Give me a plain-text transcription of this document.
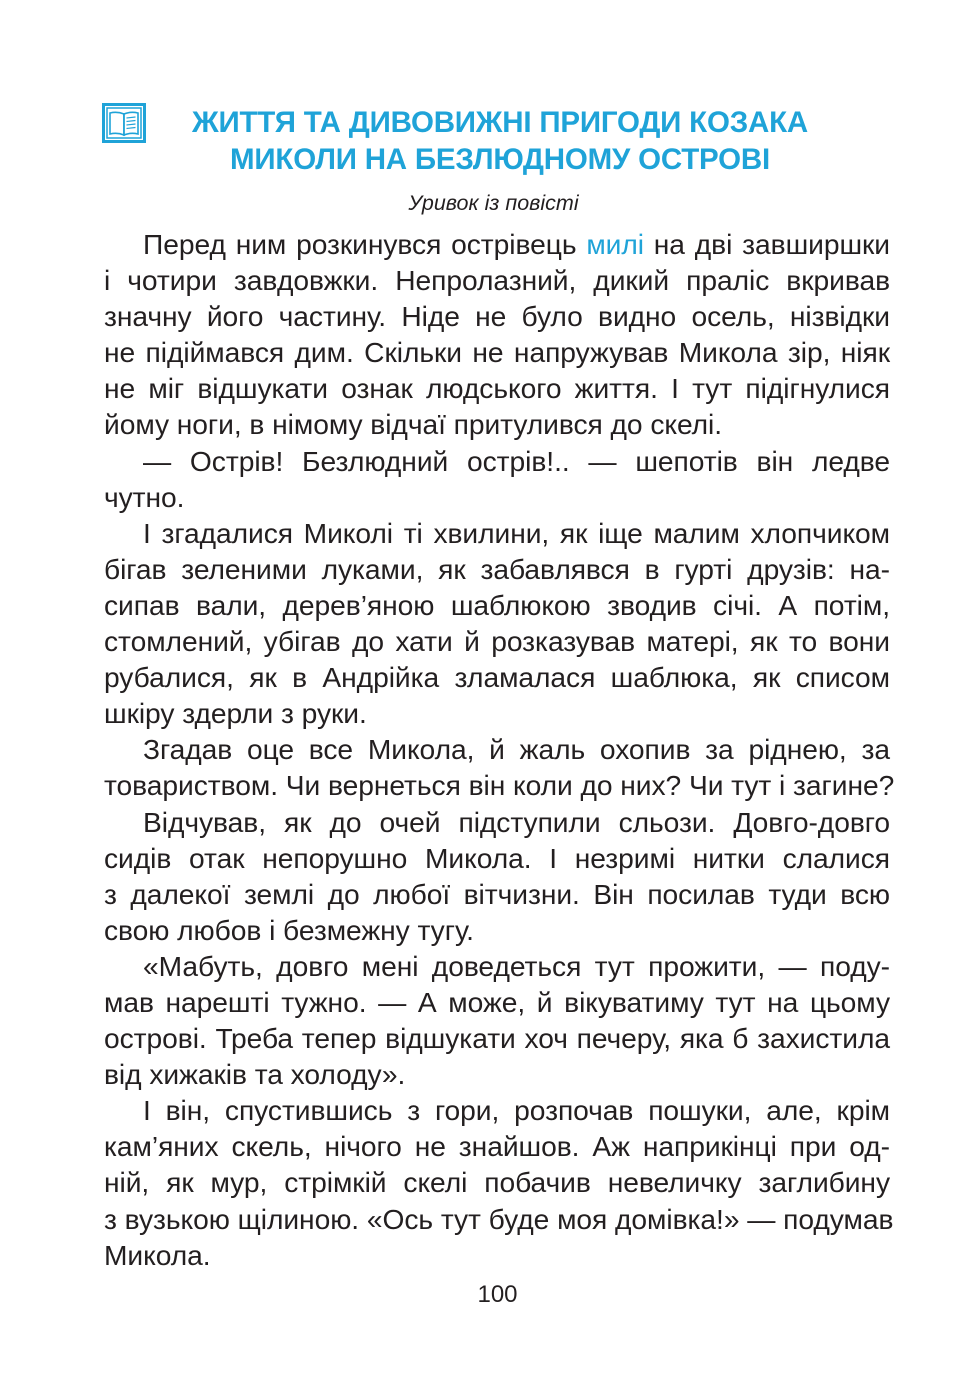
ЖИТТЯ ТА ДИВОВИЖНІ ПРИГОДИ КОЗАКА
МИКОЛИ НА БЕЗЛЮДНОМУ ОСТРОВІ
Уривок із повісті
Перед ним розкинувся острівець милі на дві завширшки
і чотири завдовжки. Непролазний, дикий праліс вкривав
значну його частину. Ніде не було видно осель, нізвідки
не підіймався дим. Скільки не напружував Микола зір, ніяк
не міг відшукати ознак людського життя. І тут підігнулися
йому ноги, в німому відчаї притулився до скелі.
— Острів! Безлюдний острів!.. — шепотів він ледве
чутно.
І згадалися Миколі ті хвилини, як іще малим хлопчиком
бігав зеленими луками, як забавлявся в гурті друзів: на-
сипав вали, дерев’яною шаблюкою зводив січі. А потім,
стомлений, убігав до хати й розказував матері, як то вони
рубалися, як в Андрійка зламалася шаблюка, як списом
шкіру здерли з руки.
Згадав оце все Микола, й жаль охопив за ріднею, за
товариством. Чи вернеться він коли до них? Чи тут і загине?
Відчував, як до очей підступили сльози. Довго-довго
сидів отак непорушно Микола. І незримі нитки слалися
з далекої землі до любої вітчизни. Він посилав туди всю
свою любов і безмежну тугу.
«Мабуть, довго мені доведеться тут прожити, — поду-
мав нарешті тужно. — А може, й вікуватиму тут на цьому
острові. Треба тепер відшукати хоч печеру, яка б захистила
від хижаків та холоду».
І він, спустившись з гори, розпочав пошуки, але, крім
кам’яних скель, нічого не знайшов. Аж наприкінці при од-
ній, як мур, стрімкій скелі побачив невеличку заглибину
з вузькою щілиною. «Ось тут буде моя домівка!» — подумав
Микола.
100
